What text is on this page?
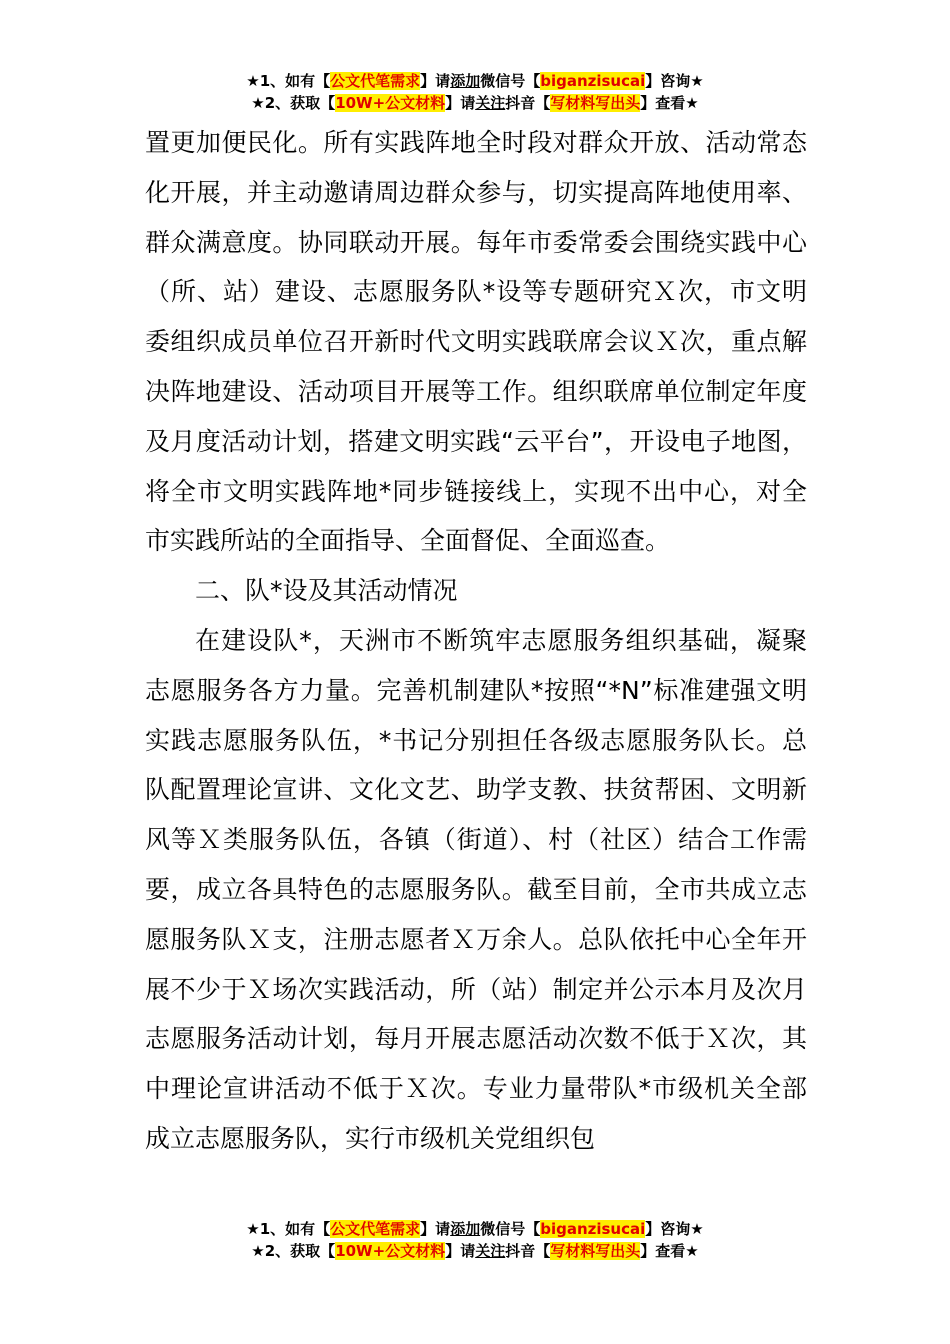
★1、如有【公文代笔需求】请添加微信号【biganzisucai】咨询★
★2、获取【10W+公文材料】请关注抖音【写材料写出头】查看★

置更加便民化。所有实践阵地全时段对群众开放、活动常态化开展，并主动邀请周边群众参与，切实提高阵地使用率、群众满意度。协同联动开展。每年市委常委会围绕实践中心（所、站）建设、志愿服务队*设等专题研究Ｘ次，市文明委组织成员单位召开新时代文明实践联席会议Ｘ次，重点解决阵地建设、活动项目开展等工作。组织联席单位制定年度及月度活动计划，搭建文明实践“云平台”，开设电子地图，将全市文明实践阵地*同步链接线上，实现不出中心，对全市实践所站的全面指导、全面督促、全面巡查。

二、队*设及其活动情况

在建设队*，天洲市不断筑牢志愿服务组织基础，凝聚志愿服务各方力量。完善机制建队*按照“*N”标准建强文明实践志愿服务队伍，*书记分别担任各级志愿服务队长。总队配置理论宣讲、文化文艺、助学支教、扶贫帮困、文明新风等Ｘ类服务队伍，各镇（街道）、村（社区）结合工作需要，成立各具特色的志愿服务队。截至目前，全市共成立志愿服务队Ｘ支，注册志愿者Ｘ万余人。总队依托中心全年开展不少于Ｘ场次实践活动，所（站）制定并公示本月及次月志愿服务活动计划，每月开展志愿活动次数不低于Ｘ次，其中理论宣讲活动不低于Ｘ次。专业力量带队*市级机关全部成立志愿服务队，实行市级机关党组织包

★1、如有【公文代笔需求】请添加微信号【biganzisucai】咨询★
★2、获取【10W+公文材料】请关注抖音【写材料写出头】查看★
